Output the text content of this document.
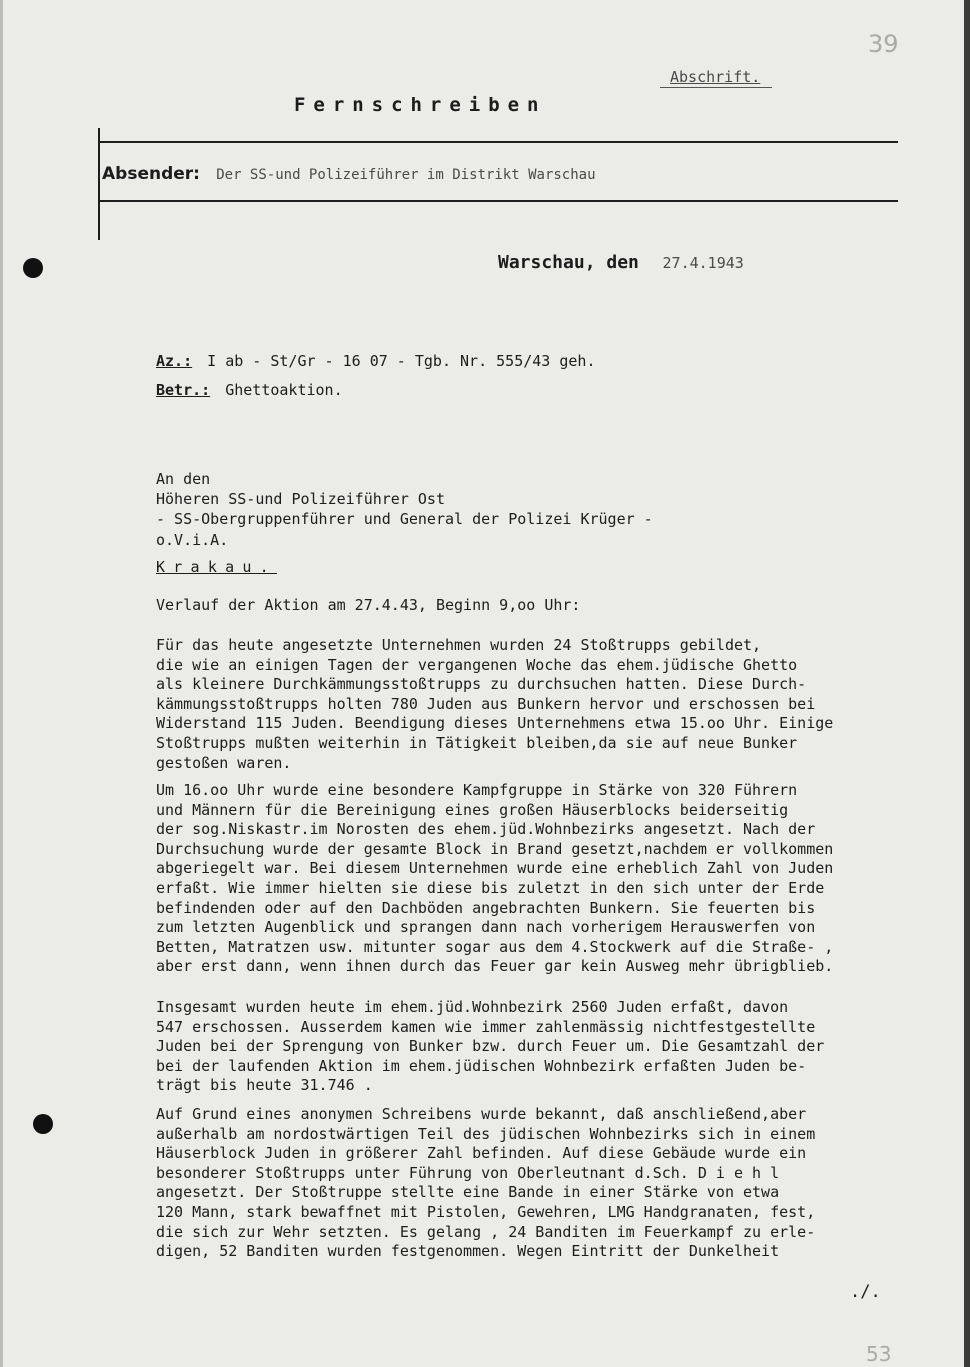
39
Abschrift.
Fernschreiben
Absender: Der SS-und Polizeiführer im Distrikt Warschau
Warschau, den 27.4.1943
Az.: I ab - St/Gr - 16 07 - Tgb. Nr. 555/43 geh.
Betr.: Ghettoaktion.
An den
Höheren SS-und Polizeiführer Ost
- SS-Obergruppenführer und General der Polizei Krüger -
o.V.i.A.
Krakau.
Verlauf der Aktion am 27.4.43, Beginn 9,oo Uhr:
Für das heute angesetzte Unternehmen wurden 24 Stoßtrupps gebildet,
die wie an einigen Tagen der vergangenen Woche das ehem.jüdische Ghetto
als kleinere Durchkämmungsstoßtrupps zu durchsuchen hatten. Diese Durch-
kämmungsstoßtrupps holten 780 Juden aus Bunkern hervor und erschossen bei
Widerstand 115 Juden. Beendigung dieses Unternehmens etwa 15.oo Uhr. Einige
Stoßtrupps mußten weiterhin in Tätigkeit bleiben,da sie auf neue Bunker
gestoßen waren.
Um 16.oo Uhr wurde eine besondere Kampfgruppe in Stärke von 320 Führern
und Männern für die Bereinigung eines großen Häuserblocks beiderseitig
der sog.Niskastr.im Norosten des ehem.jüd.Wohnbezirks angesetzt. Nach der
Durchsuchung wurde der gesamte Block in Brand gesetzt,nachdem er vollkommen
abgeriegelt war. Bei diesem Unternehmen wurde eine erheblich Zahl von Juden
erfaßt. Wie immer hielten sie diese bis zuletzt in den sich unter der Erde
befindenden oder auf den Dachböden angebrachten Bunkern. Sie feuerten bis
zum letzten Augenblick und sprangen dann nach vorherigem Herauswerfen von
Betten, Matratzen usw. mitunter sogar aus dem 4.Stockwerk auf die Straße- ,
aber erst dann, wenn ihnen durch das Feuer gar kein Ausweg mehr übrigblieb.
Insgesamt wurden heute im ehem.jüd.Wohnbezirk 2560 Juden erfaßt, davon
547 erschossen. Ausserdem kamen wie immer zahlenmässig nichtfestgestellte
Juden bei der Sprengung von Bunker bzw. durch Feuer um. Die Gesamtzahl der
bei der laufenden Aktion im ehem.jüdischen Wohnbezirk erfaßten Juden be-
trägt bis heute 31.746 .
Auf Grund eines anonymen Schreibens wurde bekannt, daß anschließend,aber
außerhalb am nordostwärtigen Teil des jüdischen Wohnbezirks sich in einem
Häuserblock Juden in größerer Zahl befinden. Auf diese Gebäude wurde ein
besonderer Stoßtrupps unter Führung von Oberleutnant d.Sch. D i e h l
angesetzt. Der Stoßtruppe stellte eine Bande in einer Stärke von etwa
120 Mann, stark bewaffnet mit Pistolen, Gewehren, LMG Handgranaten, fest,
die sich zur Wehr setzten. Es gelang , 24 Banditen im Feuerkampf zu erle-
digen, 52 Banditen wurden festgenommen. Wegen Eintritt der Dunkelheit
./.
53
